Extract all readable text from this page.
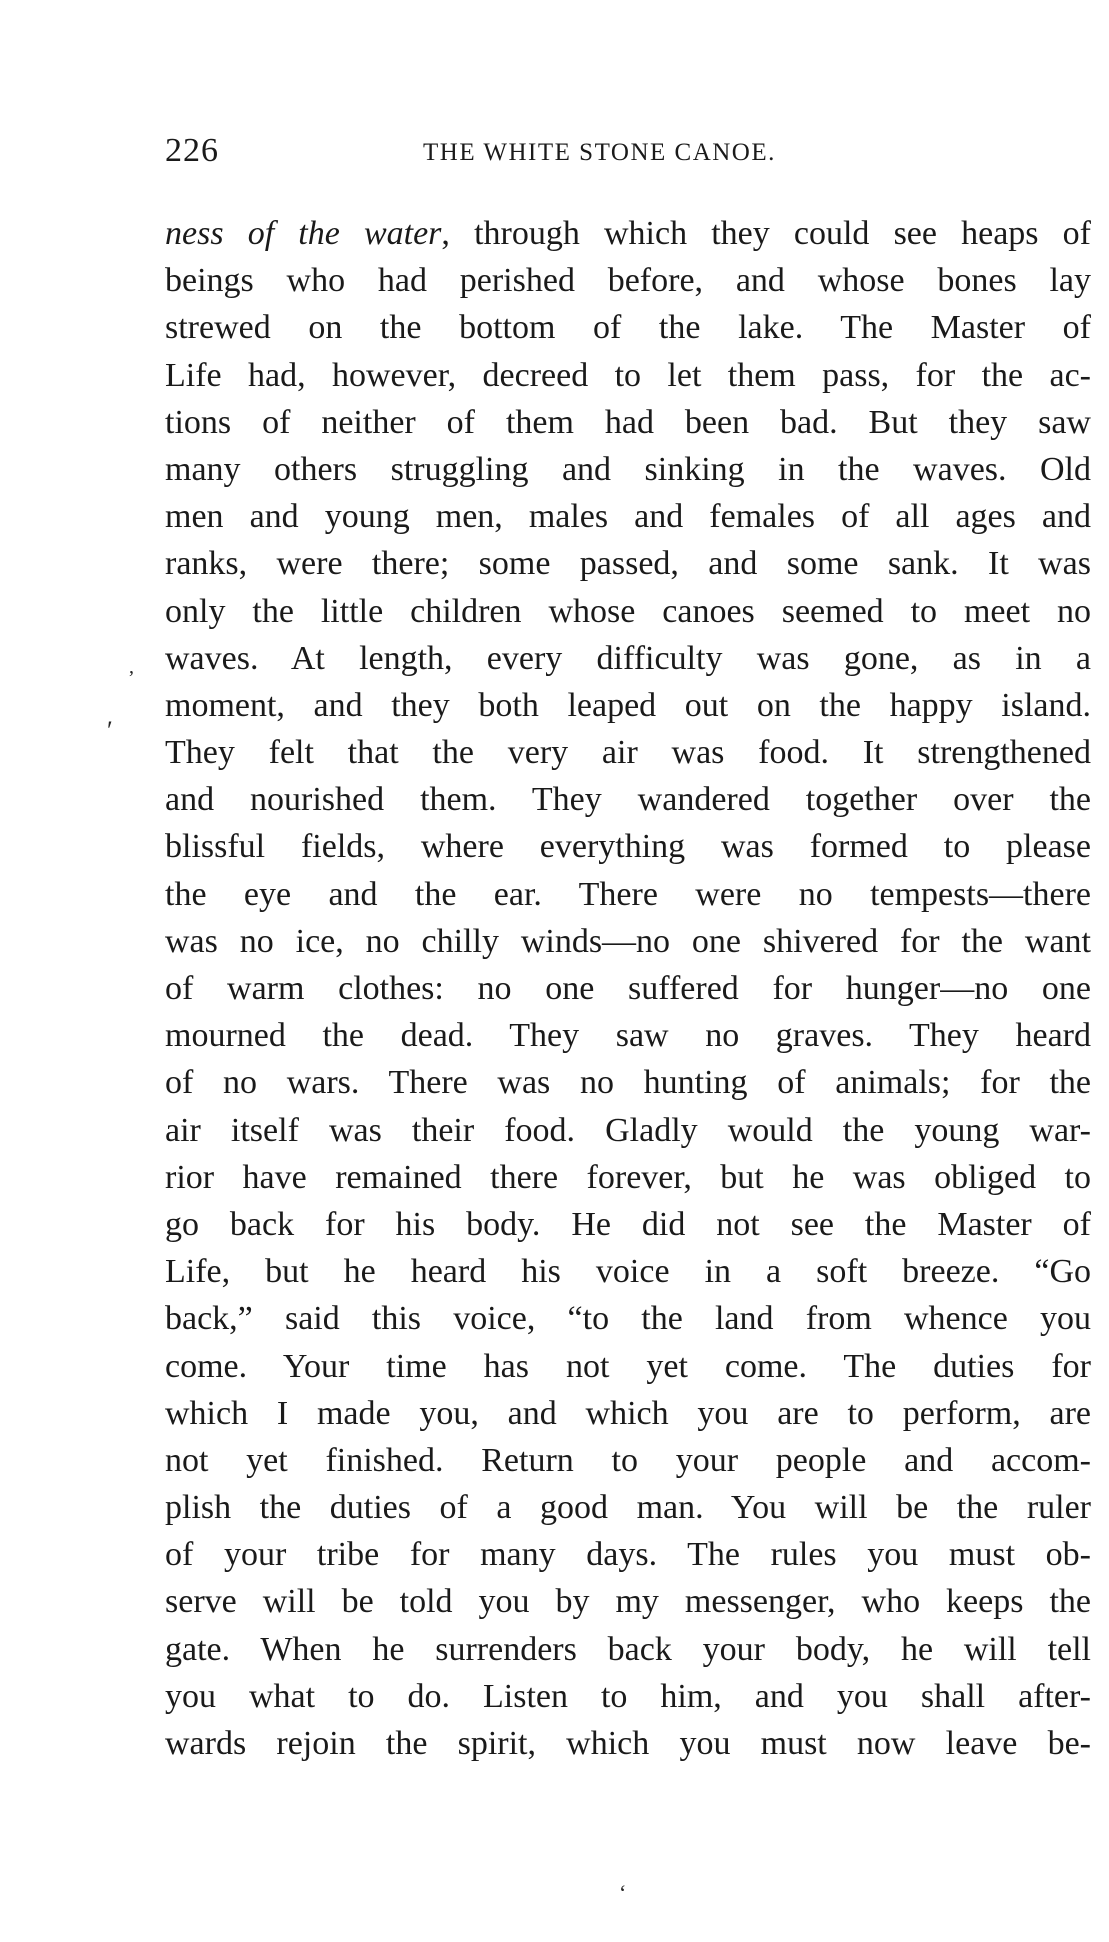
226	THE WHITE STONE CANOE.
ness of the water, through which they could see heaps of
beings who had perished before, and whose bones lay
strewed on the bottom of the lake. The Master of
Life had, however, decreed to let them pass, for the ac-
tions of neither of them had been bad. But they saw
many others struggling and sinking in the waves. Old
men and young men, males and females of all ages and
ranks, were there; some passed, and some sank. It was
only the little children whose canoes seemed to meet no
waves. At length, every difficulty was gone, as in a
moment, and they both leaped out on the happy island.
They felt that the very air was food. It strengthened
and nourished them. They wandered together over the
blissful fields, where everything was formed to please
the eye and the ear. There were no tempests—there
was no ice, no chilly winds—no one shivered for the want
of warm clothes: no one suffered for hunger—no one
mourned the dead. They saw no graves. They heard
of no wars. There was no hunting of animals; for the
air itself was their food. Gladly would the young war-
rior have remained there forever, but he was obliged to
go back for his body. He did not see the Master of
Life, but he heard his voice in a soft breeze. “Go
back,” said this voice, “to the land from whence you
come. Your time has not yet come. The duties for
which I made you, and which you are to perform, are
not yet finished. Return to your people and accom-
plish the duties of a good man. You will be the ruler
of your tribe for many days. The rules you must ob-
serve will be told you by my messenger, who keeps the
gate. When he surrenders back your body, he will tell
you what to do. Listen to him, and you shall after-
wards rejoin the spirit, which you must now leave be-
‚
′
‘
